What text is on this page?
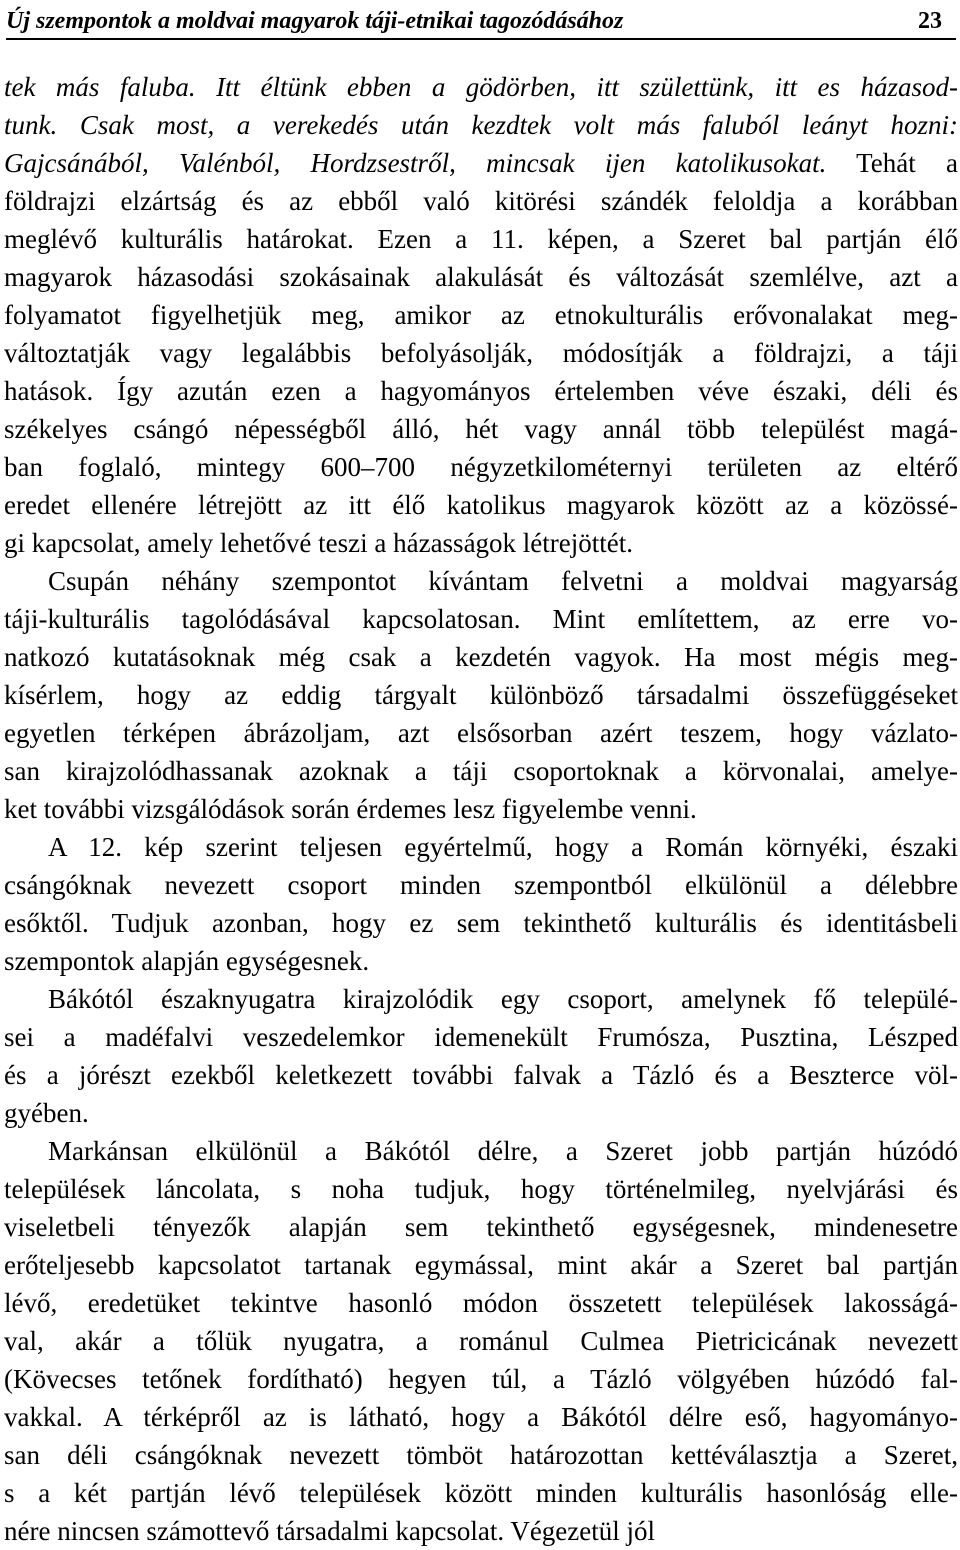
Új szempontok a moldvai magyarok táji-etnikai tagozódásához	23
tek más faluba. Itt éltünk ebben a gödörben, itt születtünk, itt es házasod-
tunk. Csak most, a verekedés után kezdtek volt más faluból leányt hozni:
Gajcsánából, Valénból, Hordzsestről, mincsak ijen katolikusokat. Tehát a
földrajzi elzártság és az ebből való kitörési szándék feloldja a korábban
meglévő kulturális határokat. Ezen a 11. képen, a Szeret bal partján élő
magyarok házasodási szokásainak alakulását és változását szemlélve, azt a
folyamatot figyelhetjük meg, amikor az etnokulturális erővonalakat meg-
változtatják vagy legalábbis befolyásolják, módosítják a földrajzi, a táji
hatások. Így azután ezen a hagyományos értelemben véve északi, déli és
székelyes csángó népességből álló, hét vagy annál több települést magá-
ban foglaló, mintegy 600–700 négyzetkilométernyi területen az eltérő
eredet ellenére létrejött az itt élő katolikus magyarok között az a közössé-
gi kapcsolat, amely lehetővé teszi a házasságok létrejöttét.
Csupán néhány szempontot kívántam felvetni a moldvai magyarság
táji-kulturális tagolódásával kapcsolatosan. Mint említettem, az erre vo-
natkozó kutatásoknak még csak a kezdetén vagyok. Ha most mégis meg-
kísérlem, hogy az eddig tárgyalt különböző társadalmi összefüggéseket
egyetlen térképen ábrázoljam, azt elsősorban azért teszem, hogy vázlato-
san kirajzolódhassanak azoknak a táji csoportoknak a körvonalai, amelye-
ket további vizsgálódások során érdemes lesz figyelembe venni.
A 12. kép szerint teljesen egyértelmű, hogy a Román környéki, északi
csángóknak nevezett csoport minden szempontból elkülönül a délebbre
esőktől. Tudjuk azonban, hogy ez sem tekinthető kulturális és identitásbeli
szempontok alapján egységesnek.
Bákótól északnyugatra kirajzolódik egy csoport, amelynek fő települé-
sei a madéfalvi veszedelemkor idemenekült Frumósza, Pusztina, Lészped
és a jórészt ezekből keletkezett további falvak a Tázló és a Beszterce völ-
gyében.
Markánsan elkülönül a Bákótól délre, a Szeret jobb partján húzódó
települések láncolata, s noha tudjuk, hogy történelmileg, nyelvjárási és
viseletbeli tényezők alapján sem tekinthető egységesnek, mindenesetre
erőteljesebb kapcsolatot tartanak egymással, mint akár a Szeret bal partján
lévő, eredetüket tekintve hasonló módon összetett települések lakosságá-
val, akár a tőlük nyugatra, a románul Culmea Pietricicának nevezett
(Kövecses tetőnek fordítható) hegyen túl, a Tázló völgyében húzódó fal-
vakkal. A térképről az is látható, hogy a Bákótól délre eső, hagyományo-
san déli csángóknak nevezett tömböt határozottan kettéválasztja a Szeret,
s a két partján lévő települések között minden kulturális hasonlóság elle-
nére nincsen számottevő társadalmi kapcsolat. Végezetül jól
